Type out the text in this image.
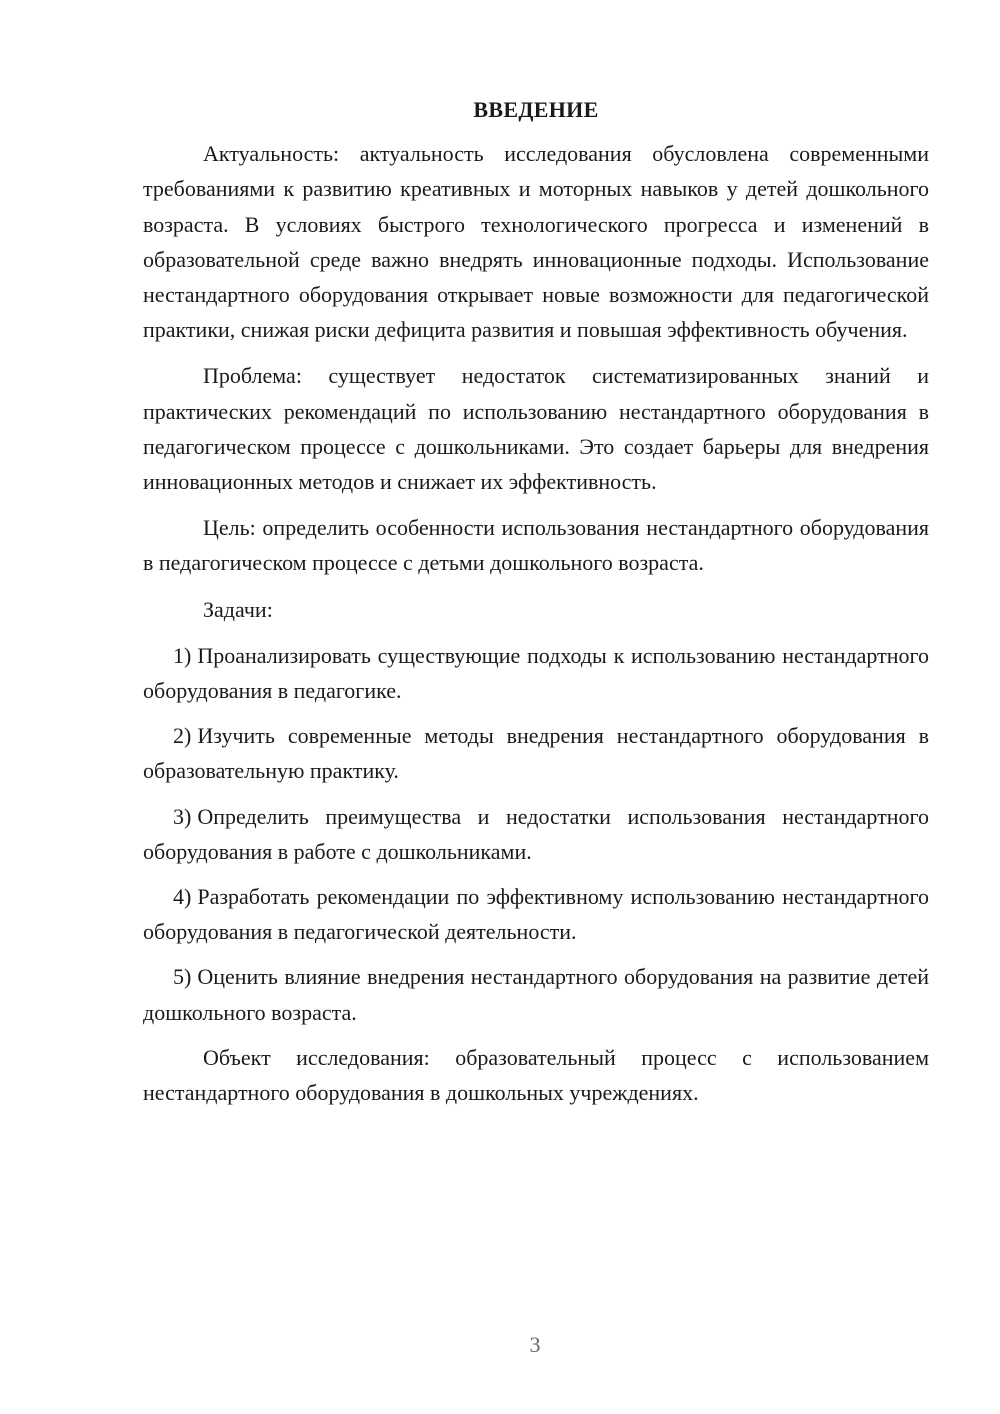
ВВЕДЕНИЕ

Актуальность: актуальность исследования обусловлена современными требованиями к развитию креативных и моторных навыков у детей дошкольного возраста. В условиях быстрого технологического прогресса и изменений в образовательной среде важно внедрять инновационные подходы. Использование нестандартного оборудования открывает новые возможности для педагогической практики, снижая риски дефицита развития и повышая эффективность обучения.

Проблема: существует недостаток систематизированных знаний и практических рекомендаций по использованию нестандартного оборудования в педагогическом процессе с дошкольниками. Это создает барьеры для внедрения инновационных методов и снижает их эффективность.

Цель: определить особенности использования нестандартного оборудования в педагогическом процессе с детьми дошкольного возраста.

Задачи:

1) Проанализировать существующие подходы к использованию нестандартного оборудования в педагогике.

2) Изучить современные методы внедрения нестандартного оборудования в образовательную практику.

3) Определить преимущества и недостатки использования нестандартного оборудования в работе с дошкольниками.

4) Разработать рекомендации по эффективному использованию нестандартного оборудования в педагогической деятельности.

5) Оценить влияние внедрения нестандартного оборудования на развитие детей дошкольного возраста.

Объект исследования: образовательный процесс с использованием нестандартного оборудования в дошкольных учреждениях.

3
